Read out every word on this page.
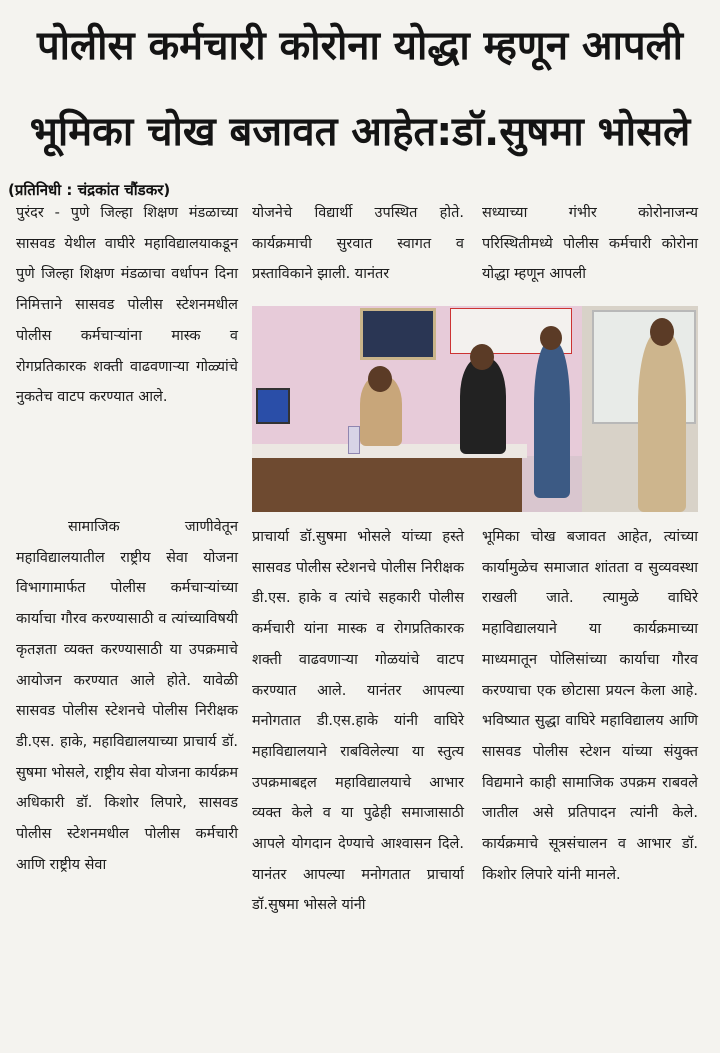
पोलीस कर्मचारी कोरोना योद्धा म्हणून आपली
भूमिका चोख बजावत आहेत:डॉ.सुषमा भोसले
(प्रतिनिधी : चंद्रकांत चौंडकर)

पुरंदर - पुणे जिल्हा शिक्षण मंडळाच्या सासवड येथील वाघीरे महाविद्यालयाकडून पुणे जिल्हा शिक्षण मंडळाचा वर्धापन दिना निमित्ताने सासवड पोलीस स्टेशनमधील पोलीस कर्मचाऱ्यांना मास्क व रोगप्रतिकारक शक्ती वाढवणाऱ्या गोळ्यांचे नुकतेच वाटप करण्यात आले.

सामाजिक जाणीवेतून महाविद्यालयातील राष्ट्रीय सेवा योजना विभागामार्फत पोलीस कर्मचाऱ्यांच्या कार्याचा गौरव करण्यासाठी व त्यांच्याविषयी कृतज्ञता व्यक्त करण्यासाठी या उपक्रमाचे आयोजन करण्यात आले होते. यावेळी सासवड पोलीस स्टेशनचे पोलीस निरीक्षक डी.एस. हाके, महाविद्यालयाच्या प्राचार्य डॉ. सुषमा भोसले, राष्ट्रीय सेवा योजना कार्यक्रम अधिकारी डॉ. किशोर लिपारे, सासवड पोलीस स्टेशनमधील पोलीस कर्मचारी आणि राष्ट्रीय सेवा

योजनेचे विद्यार्थी उपस्थित होते. कार्यक्रमाची सुरवात स्वागत व प्रस्ताविकाने झाली. यानंतर

प्राचार्या डॉ.सुषमा भोसले यांच्या हस्ते सासवड पोलीस स्टेशनचे पोलीस निरीक्षक डी.एस. हाके व त्यांचे सहकारी पोलीस कर्मचारी यांना मास्क व रोगप्रतिकारक शक्ती वाढवणाऱ्या गोळयांचे वाटप करण्यात आले. यानंतर आपल्या मनोगतात डी.एस.हाके यांनी वाघिरे महाविद्यालयाने राबविलेल्या या स्तुत्य उपक्रमाबद्दल महाविद्यालयाचे आभार व्यक्त केले व या पुढेही समाजासाठी आपले योगदान देण्याचे आश्वासन दिले. यानंतर आपल्या मनोगतात प्राचार्या डॉ.सुषमा भोसले यांनी

सध्याच्या गंभीर कोरोनाजन्य परिस्थितीमध्ये पोलीस कर्मचारी कोरोना योद्धा म्हणून आपली

भूमिका चोख बजावत आहेत, त्यांच्या कार्यामुळेच समाजात शांतता व सुव्यवस्था राखली जाते. त्यामुळे वाघिरे महाविद्यालयाने या कार्यक्रमाच्या माध्यमातून पोलिसांच्या कार्याचा गौरव करण्याचा एक छोटासा प्रयत्न केला आहे. भविष्यात सुद्धा वाघिरे महाविद्यालय आणि सासवड पोलीस स्टेशन यांच्या संयुक्त विद्यमाने काही सामाजिक उपक्रम राबवले जातील असे प्रतिपादन त्यांनी केले. कार्यक्रमाचे सूत्रसंचालन व आभार डॉ. किशोर लिपारे यांनी मानले.
